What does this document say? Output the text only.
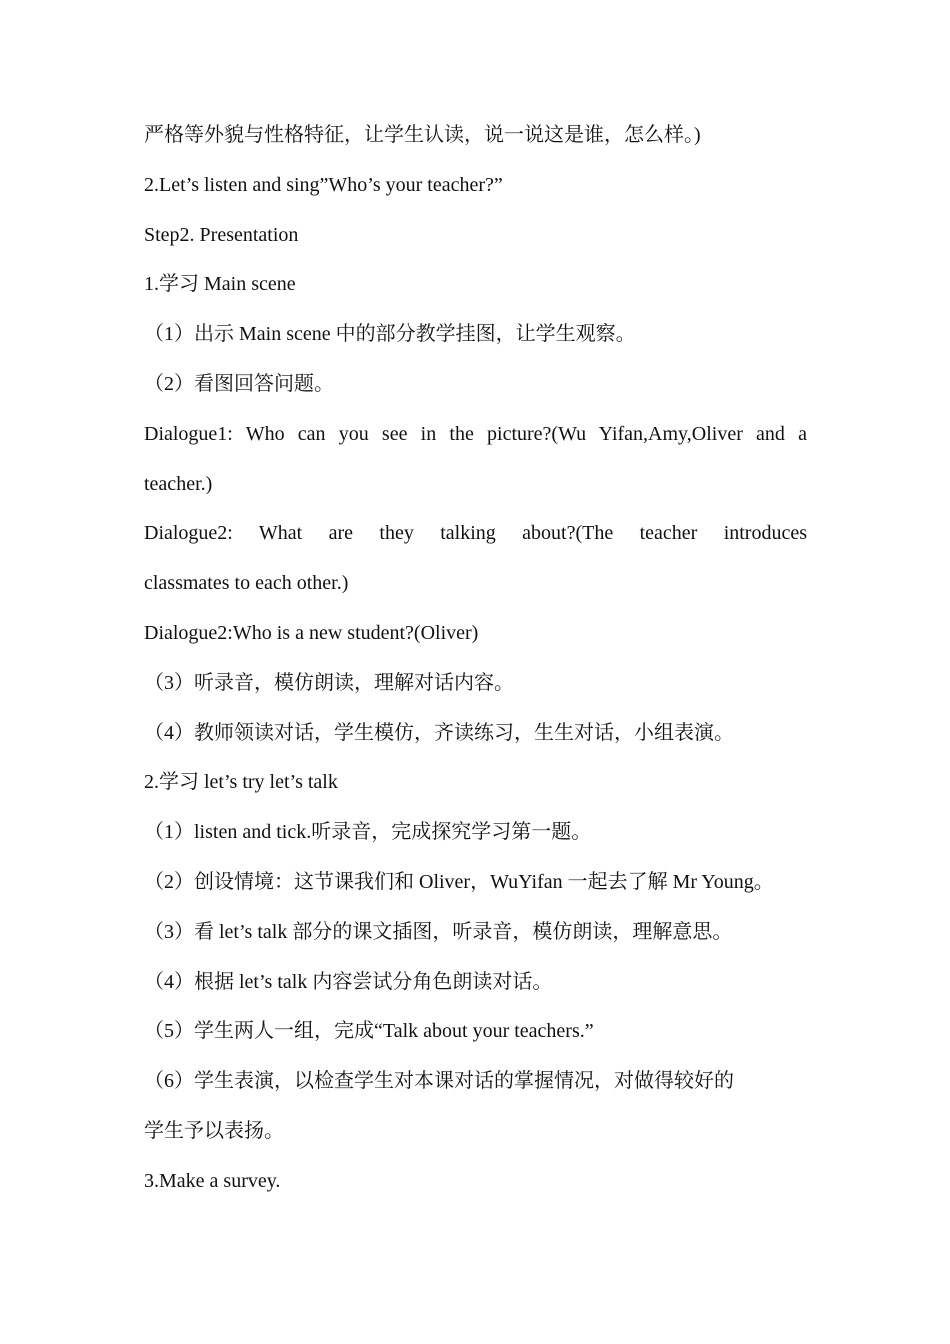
严格等外貌与性格特征，让学生认读，说一说这是谁，怎么样。)
2.Let’s listen and sing”Who’s your teacher?”
Step2. Presentation
1.学习 Main scene
（1）出示 Main scene 中的部分教学挂图，让学生观察。
（2）看图回答问题。
Dialogue1: Who can you see in the picture?(Wu Yifan,Amy,Oliver and a
teacher.)
Dialogue2: What are they talking about?(The teacher introduces
classmates to each other.)
Dialogue2:Who is a new student?(Oliver)
（3）听录音，模仿朗读，理解对话内容。
（4）教师领读对话，学生模仿，齐读练习，生生对话，小组表演。
2.学习 let’s try let’s talk
（1）listen and tick.听录音，完成探究学习第一题。
（2）创设情境：这节课我们和 Oliver，WuYifan 一起去了解 Mr Young。
（3）看 let’s talk 部分的课文插图，听录音，模仿朗读，理解意思。
（4）根据 let’s talk 内容尝试分角色朗读对话。
（5）学生两人一组，完成“Talk about your teachers.”
（6）学生表演，以检查学生对本课对话的掌握情况，对做得较好的
学生予以表扬。
3.Make a survey.
